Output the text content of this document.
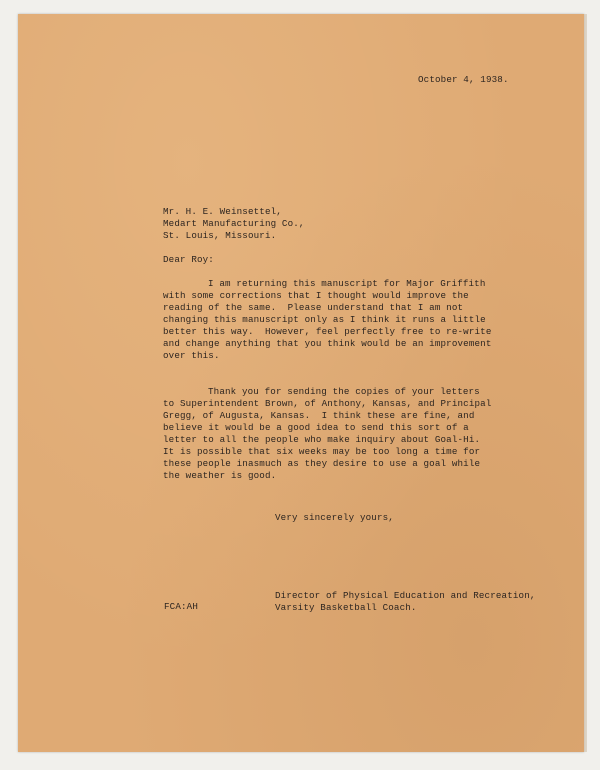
October 4, 1938.
Mr. H. E. Weinsettel,
Medart Manufacturing Co.,
St. Louis, Missouri.
Dear Roy:
I am returning this manuscript for Major Griffith
with some corrections that I thought would improve the
reading of the same.  Please understand that I am not
changing this manuscript only as I think it runs a little
better this way.  However, feel perfectly free to re-write
and change anything that you think would be an improvement
over this.
Thank you for sending the copies of your letters
to Superintendent Brown, of Anthony, Kansas, and Principal
Gregg, of Augusta, Kansas.  I think these are fine, and
believe it would be a good idea to send this sort of a
letter to all the people who make inquiry about Goal-Hi.
It is possible that six weeks may be too long a time for
these people inasmuch as they desire to use a goal while
the weather is good.
Very sincerely yours,
Director of Physical Education and Recreation,
Varsity Basketball Coach.
FCA:AH
